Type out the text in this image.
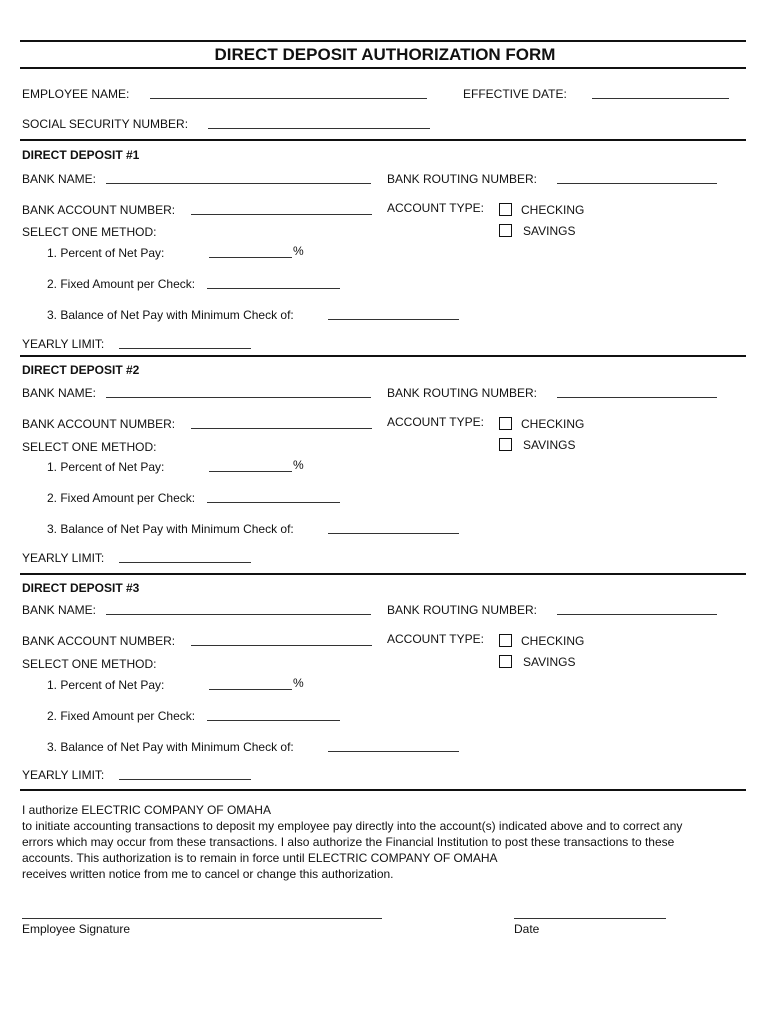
DIRECT DEPOSIT AUTHORIZATION FORM
EMPLOYEE NAME:	EFFECTIVE DATE:
SOCIAL SECURITY NUMBER:
DIRECT DEPOSIT #1
BANK NAME:	BANK ROUTING NUMBER:
BANK ACCOUNT NUMBER:	ACCOUNT TYPE:	CHECKING
SAVINGS
SELECT ONE METHOD:
1. Percent of Net Pay:	%
2. Fixed Amount per Check:
3. Balance of Net Pay with Minimum Check of:
YEARLY LIMIT:
DIRECT DEPOSIT #2
BANK NAME:	BANK ROUTING NUMBER:
BANK ACCOUNT NUMBER:	ACCOUNT TYPE:	CHECKING
SAVINGS
SELECT ONE METHOD:
1. Percent of Net Pay:	%
2. Fixed Amount per Check:
3. Balance of Net Pay with Minimum Check of:
YEARLY LIMIT:
DIRECT DEPOSIT #3
BANK NAME:	BANK ROUTING NUMBER:
BANK ACCOUNT NUMBER:	ACCOUNT TYPE:	CHECKING
SAVINGS
SELECT ONE METHOD:
1. Percent of Net Pay:	%
2. Fixed Amount per Check:
3. Balance of Net Pay with Minimum Check of:
YEARLY LIMIT:
I authorize ELECTRIC COMPANY OF OMAHA
to initiate accounting transactions to deposit my employee pay directly into the account(s) indicated above and to correct any
errors which may occur from these transactions. I also authorize the Financial Institution to post these transactions to these
accounts. This authorization is to remain in force until ELECTRIC COMPANY OF OMAHA
receives written notice from me to cancel or change this authorization.
Employee Signature	Date
